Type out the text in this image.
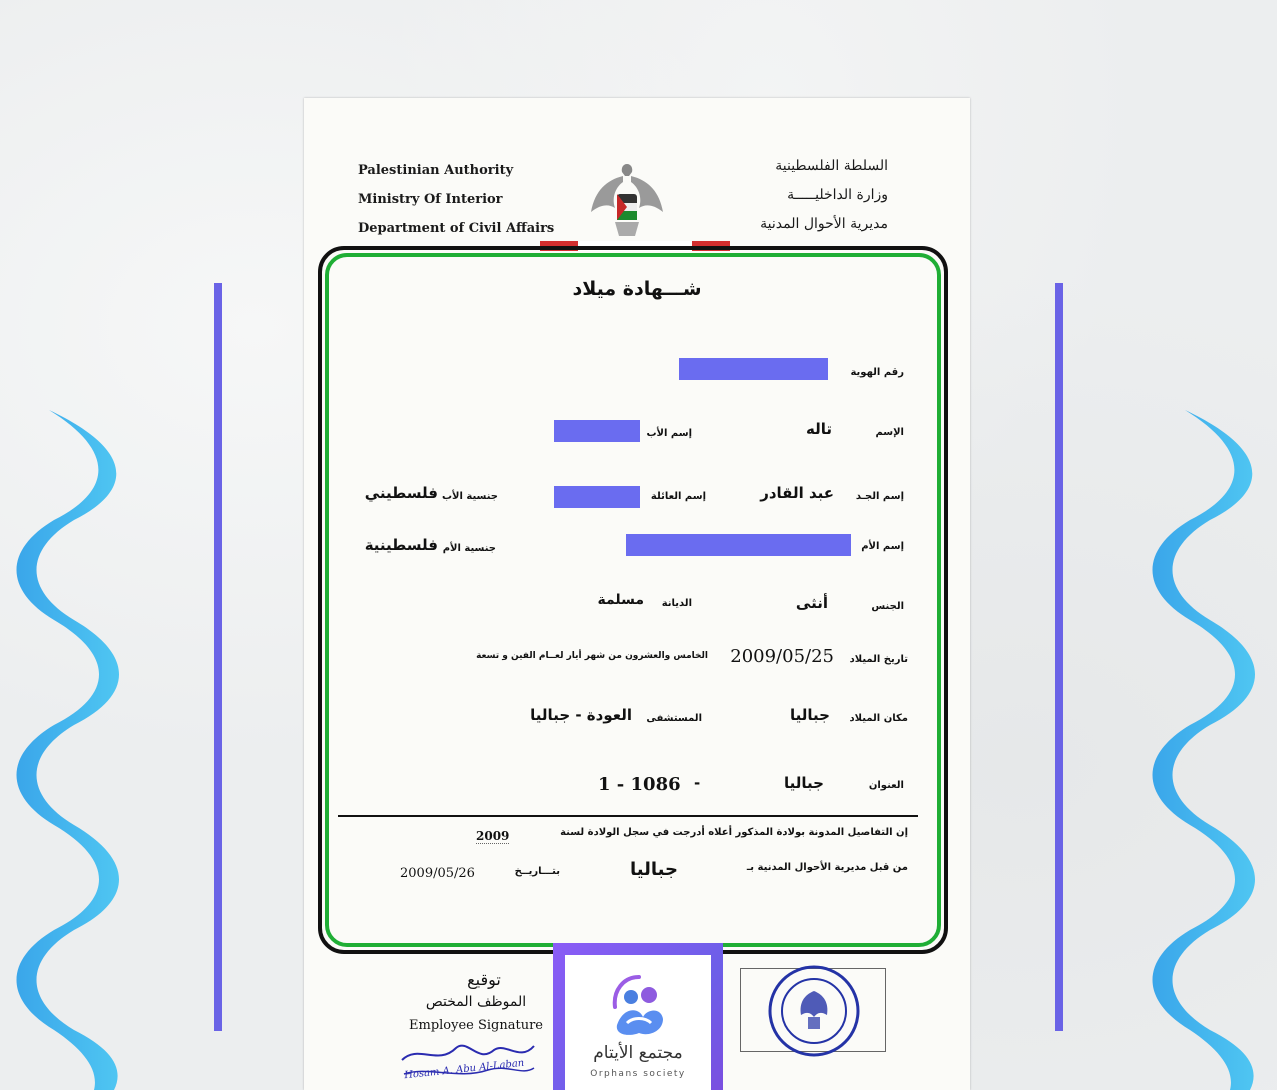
Palestinian Authority
Ministry Of Interior
Department of Civil Affairs
السلطة الفلسطينية
وزارة الداخليـــــة
مديرية الأحوال المدنية
شـــهادة ميلاد
رقم الهوية
الإسم
تاله
إسم الأب
إسم الجـد
عبد القادر
إسم العائلة
جنسية الأب
فلسطيني
إسم الأم
جنسية الأم
فلسطينية
الجنس
أنثى
الديانة
مسلمة
تاريخ الميلاد
2009/05/25
الخامس والعشرون من شهر أيار لعــام الفين و تسعة
مكان الميلاد
جباليا
المستشفى
العودة - جباليا
العنوان
جباليا
-
1 - 1086
إن التفاصيل المدونة بولادة المذكور أعلاه أدرجت في سجل الولادة لسنة
2009
من قبل مديرية الأحوال المدنية بـ
جباليا
بتـــاريــخ
2009/05/26
توقيع
الموظف المختص
Employee Signature
Hosam A. Abu Al-Laban
مجتمع الأيتام
Orphans society
